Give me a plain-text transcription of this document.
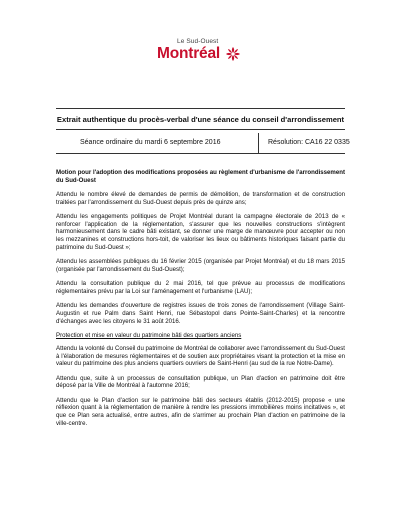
Le Sud-Ouest
Montréal
Extrait authentique du procès-verbal d'une séance du conseil d'arrondissement
Séance ordinaire du mardi 6 septembre 2016	Résolution: CA16 22 0335

Motion pour l'adoption des modifications proposées au règlement d'urbanisme de l'arrondissement du Sud-Ouest

Attendu le nombre élevé de demandes de permis de démolition, de transformation et de construction traitées par l'arrondissement du Sud-Ouest depuis près de quinze ans;

Attendu les engagements politiques de Projet Montréal durant la campagne électorale de 2013 de « renforcer l'application de la réglementation, s'assurer que les nouvelles constructions s'intègrent harmonieusement dans le cadre bâti existant, se donner une marge de manœuvre pour accepter ou non les mezzanines et constructions hors-toit, de valoriser les lieux ou bâtiments historiques faisant partie du patrimoine du Sud-Ouest »;

Attendu les assemblées publiques du 16 février 2015 (organisée par Projet Montréal) et du 18 mars 2015 (organisée par l'arrondissement du Sud-Ouest);

Attendu la consultation publique du 2 mai 2016, tel que prévue au processus de modifications réglementaires prévu par la Loi sur l'aménagement et l'urbanisme (LAU);

Attendu les demandes d'ouverture de registres issues de trois zones de l'arrondissement (Village Saint-Augustin et rue Palm dans Saint Henri, rue Sébastopol dans Pointe-Saint-Charles) et la rencontre d'échanges avec les citoyens le 31 août 2016.

Protection et mise en valeur du patrimoine bâti des quartiers anciens

Attendu la volonté du Conseil du patrimoine de Montréal de collaborer avec l'arrondissement du Sud-Ouest à l'élaboration de mesures réglementaires et de soutien aux propriétaires visant la protection et la mise en valeur du patrimoine des plus anciens quartiers ouvriers de Saint-Henri (au sud de la rue Notre-Dame).

Attendu que, suite à un processus de consultation publique, un Plan d'action en patrimoine doit être déposé par la Ville de Montréal à l'automne 2016;

Attendu que le Plan d'action sur le patrimoine bâti des secteurs établis (2012-2015) propose « une réflexion quant à la réglementation de manière à rendre les pressions immobilières moins incitatives », et que ce Plan sera actualisé, entre autres, afin de s'arrimer au prochain Plan d'action en patrimoine de la ville-centre.
